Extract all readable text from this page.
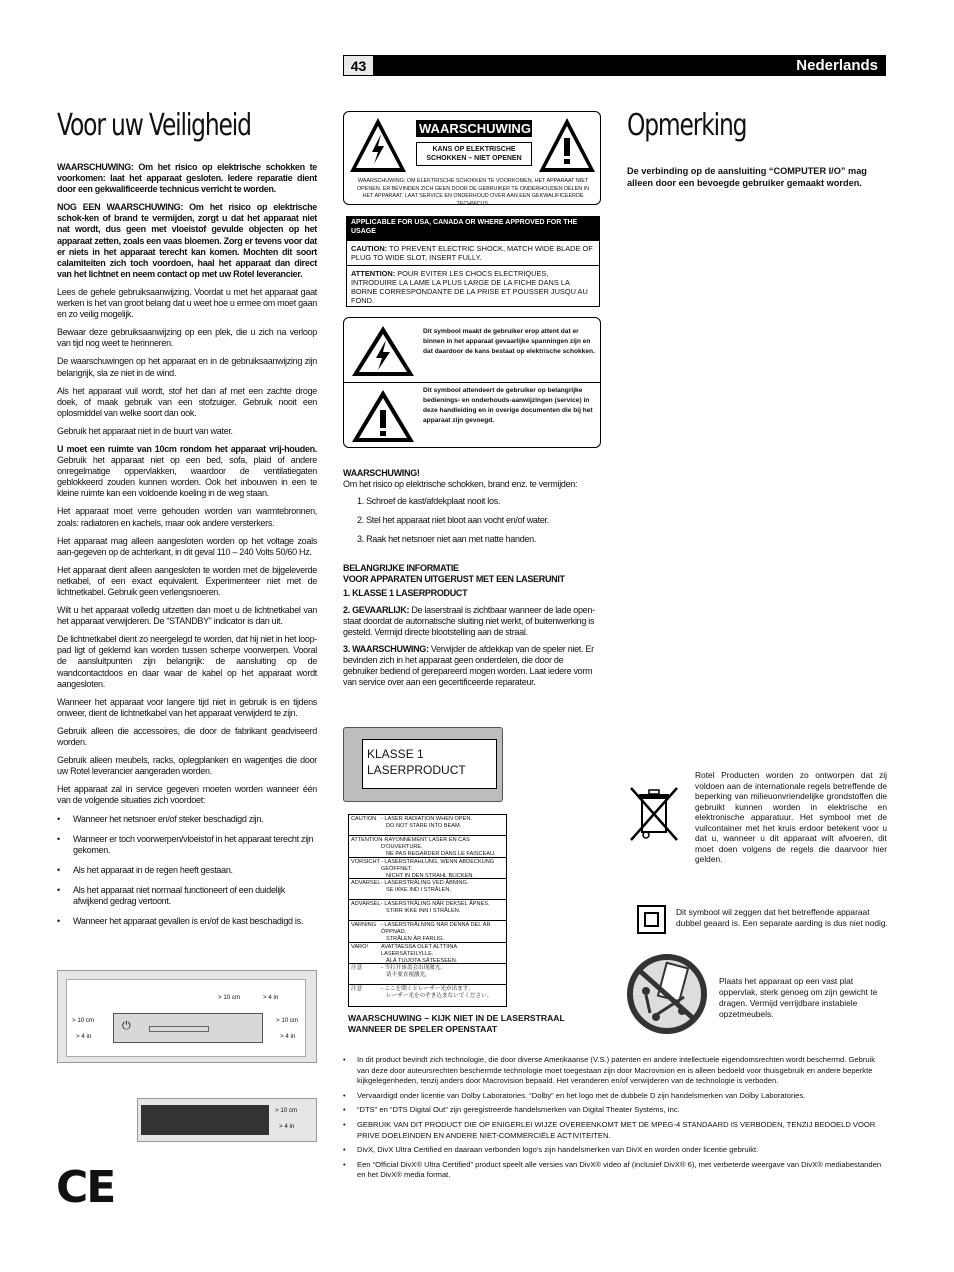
43	Nederlands
Voor uw Veiligheid

WAARSCHUWING: Om het risico op elektrische schokken te voorkomen: laat het apparaat gesloten. Iedere reparatie dient door een gekwalificeerde technicus verricht te worden.

NOG EEN WAARSCHUWING: Om het risico op elektrische schok-ken of brand te vermijden, zorgt u dat het apparaat niet nat wordt, dus geen met vloeistof gevulde objecten op het apparaat zetten, zoals een vaas bloemen. Zorg er tevens voor dat er niets in het apparaat terecht kan komen. Mochten dit soort calamiteiten zich toch voordoen, haal het apparaat dan direct van het lichtnet en neem contact op met uw Rotel leverancier.

Lees de gehele gebruiksaanwijzing. Voordat u met het apparaat gaat werken is het van groot belang dat u weet hoe u ermee om moet gaan en zo veilig mogelijk.

Bewaar deze gebruiksaanwijzing op een plek, die u zich na verloop van tijd nog weet te herinneren.

De waarschuwingen op het apparaat en in de gebruiksaanwijzing zijn belangrijk, sla ze niet in de wind.

Als het apparaat vuil wordt, stof het dan af met een zachte droge doek, of maak gebruik van een stofzuiger. Gebruik nooit een oplosmiddel van welke soort dan ook.

Gebruik het apparaat niet in de buurt van water.

U moet een ruimte van 10cm rondom het apparaat vrij-houden. Gebruik het apparaat niet op een bed, sofa, plaid of andere onregelmatige oppervlakken, waardoor de ventilatiegaten geblokkeerd zouden kunnen worden. Ook het inbouwen in een te kleine ruimte kan een voldoende koeling in de weg staan.

Het apparaat moet verre gehouden worden van warmtebronnen, zoals: radiatoren en kachels, maar ook andere versterkers.

Het apparaat mag alleen aangesloten worden op het voltage zoals aan-gegeven op de achterkant, in dit geval 110 – 240 Volts 50/60 Hz.

Het apparaat dient alleen aangesloten te worden met de bijgeleverde netkabel, of een exact equivalent. Experimenteer niet met de lichtnetkabel. Gebruik geen verlengsnoeren.

Wilt u het apparaat volledig uitzetten dan moet u de lichtnetkabel van het apparaat verwijderen. De “STANDBY” indicator is dan uit.

De lichtnetkabel dient zo neergelegd te worden, dat hij niet in het loop-pad ligt of geklemd kan worden tussen scherpe voorwerpen. Vooral de aansluitpunten zijn belangrijk: de aansluiting op de wandcontactdoos en daar waar de kabel op het apparaat wordt aangesloten.

Wanneer het apparaat voor langere tijd niet in gebruik is en tijdens onweer, dient de lichtnetkabel van het apparaat verwijderd te zijn.

Gebruik alleen die accessoires, die door de fabrikant geadviseerd worden.

Gebruik alleen meubels, racks, oplegplanken en wagentjes die door uw Rotel leverancier aangeraden worden.

Het apparaat zal in service gegeven moeten worden wanneer één van de volgende situaties zich voordoet:

• Wanneer het netsnoer en/of steker beschadigd zijn.
• Wanneer er toch voorwerpen/vloeistof in het apparaat terecht zijn gekomen.
• Als het apparaat in de regen heeft gestaan.
• Als het apparaat niet normaal functioneert of een duidelijk afwijkend gedrag vertoont.
• Wanneer het apparaat gevallen is en/of de kast beschadigd is.
⏻
> 10 cm	> 4 in
> 10 cm
> 4 in
> 10 cm
> 4 in
> 10 cm
> 4 in
CE
WAARSCHUWING
KANS OP ELEKTRISCHE SCHOKKEN – NIET OPENEN
WAARSCHUWING: OM ELEKTRISCHE SCHOKKEN TE VOORKOMEN, HET APPARAAT NIET OPENEN. ER BEVINDEN ZICH GEEN DOOR DE GEBRUIKER TE ONDERHOUDEN DELEN IN HET APPARAAT. LAAT SERVICE EN ONDERHOUD OVER AAN EEN GEKWALIFICEERDE TECHNICUS.
APPLICABLE FOR USA, CANADA OR WHERE APPROVED FOR THE USAGE
CAUTION: TO PREVENT ELECTRIC SHOCK, MATCH WIDE BLADE OF PLUG TO WIDE SLOT, INSERT FULLY.
ATTENTION: POUR EVITER LES CHOCS ELECTRIQUES, INTRODUIRE LA LAME LA PLUS LARGE DE LA FICHE DANS LA BORNE CORRESPONDANTE DE LA PRISE ET POUSSER JUSQU AU FOND.
Dit symbool maakt de gebruiker erop attent dat er binnen in het apparaat gevaarlijke spanningen zijn en dat daardoor de kans bestaat op elektrische schokken.
Dit symbool attendeert de gebruiker op belangrijke bedienings- en onderhouds-aanwijzingen (service) in deze handleiding en in overige documenten die bij het apparaat zijn gevoegd.

WAARSCHUWING!

Om het risico op elektrische schokken, brand enz. te vermijden:

1. Schroef de kast/afdekplaat nooit los.
2. Stel het apparaat niet bloot aan vocht en/of water.
3. Raak het netsnoer niet aan met natte handen.

BELANGRIJKE INFORMATIE
VOOR APPARATEN UITGERUST MET EEN LASERUNIT

1. KLASSE 1 LASERPRODUCT

2. GEVAARLIJK: De laserstraal is zichtbaar wanneer de lade open-staat doordat de automatische sluiting niet werkt, of buitenwerking is gesteld. Vermijd directe blootstelling aan de straal.

3. WAARSCHUWING: Verwijder de afdekkap van de speler niet. Er bevinden zich in het apparaat geen onderdelen, die door de gebruiker bediend of gerepareerd mogen worden. Laat iedere vorm van service over aan een gecertificeerde reparateur.

KLASSE 1
LASERPRODUCT
CAUTION - LASER RADIATION WHEN OPEN.
DO NOT STARE INTO BEAM.
ATTENTION
- RAYONNEMENT LASER EN CAS D'OUVERTURE.
NE PAS REGARDER DANS LE FAISCEAU.
VORSICHT - LASERSTRAHLUNG, WENN ABDECKUNG GEÖFFNET.
NICHT IN DEN STRAHL BLICKEN.
ADVARSEL - LASERSTRÅLING VED ÅBNING.
SE IKKE IND I STRÅLEN.
ADVARSEL - LASERSTRÅLING NÅR DEKSEL ÅPNES.
STIRR IKKE INN I STRÅLEN.
VARNING - LASERSTRÅLNING NÄR DENNA DEL ÄR ÖPPNAD.
STRÅLEN ÄR FARLIG.
VARO!	AVATTAESSA OLET ALTTIINA LASERSÄTEILYLLE.
ÄLÄ TUIJOTA SÄTEESEEN.
注意	- 当打开该盖会出现激光。
请不要直视激光。
注意	- ここを開くとレーザー光が出ます。
レーザー光をのぞき込まないでください。
WAARSCHUWING – KIJK NIET IN DE LASERSTRAAL WANNEER DE SPELER OPENSTAAT
Opmerking
De verbinding op de aansluiting “COMPUTER I/O” mag alleen door een bevoegde gebruiker gemaakt worden.
Rotel Producten worden zo ontworpen dat zij voldoen aan de internationale regels betreffende de beperking van milieuonvriendelijke grondstoffen die gebruikt kunnen worden in elektrische en elektronische apparatuur. Het symbool met de vuilcontainer met het kruis erdoor betekent voor u dat u, wanneer u dit apparaat wilt afvoeren, dit moet doen volgens de regels die daarvoor hier gelden.
Dit symbool wil zeggen dat het betreffende apparaat dubbel geaard is. Een separate aarding is dus niet nodig.
Plaats het apparaat op een vast plat oppervlak, sterk genoeg om zijn gewicht te dragen. Vermijd verrijdbare instabiele opzetmeubels.
• In dit product bevindt zich technologie, die door diverse Amerikaanse (V.S.) patenten en andere intellectuele eigendomsrechten wordt beschermd. Gebruik van deze door auteursrechten beschermde technologie moet toegestaan zijn door Macrovision en is alleen bedoeld voor thuisgebruik en andere beperkte kijkgelegenheden, tenzij anders door Macrovision bepaald. Het veranderen en/of verwijderen van de technologie is verboden.
• Vervaardigd onder licentie van Dolby Laboratories. “Dolby” en het logo met de dubbele D zijn handelsmerken van Dolby Laboratories.
• “DTS” en “DTS Digital Out” zijn geregistreerde handelsmerken van Digital Theater Systems, Inc.
• GEBRUIK VAN DIT PRODUCT DIE OP ENIGERLEI WIJZE OVEREENKOMT MET DE MPEG-4 STANDAARD IS VERBODEN, TENZIJ BEDOELD VOOR PRIVE DOELEINDEN EN ANDERE NIET-COMMERCIËLE ACTIVITEITEN.
• DivX, DivX Ultra Certified en daaraan verbonden logo’s zijn handelsmerken van DivX en worden onder licentie gebruikt.
• Een “Official DivX® Ultra Certified” product speelt alle versies van DivX® video af (inclusief DivX® 6), met verbeterde weergave van DivX® mediabestanden en het DivX® media format.
